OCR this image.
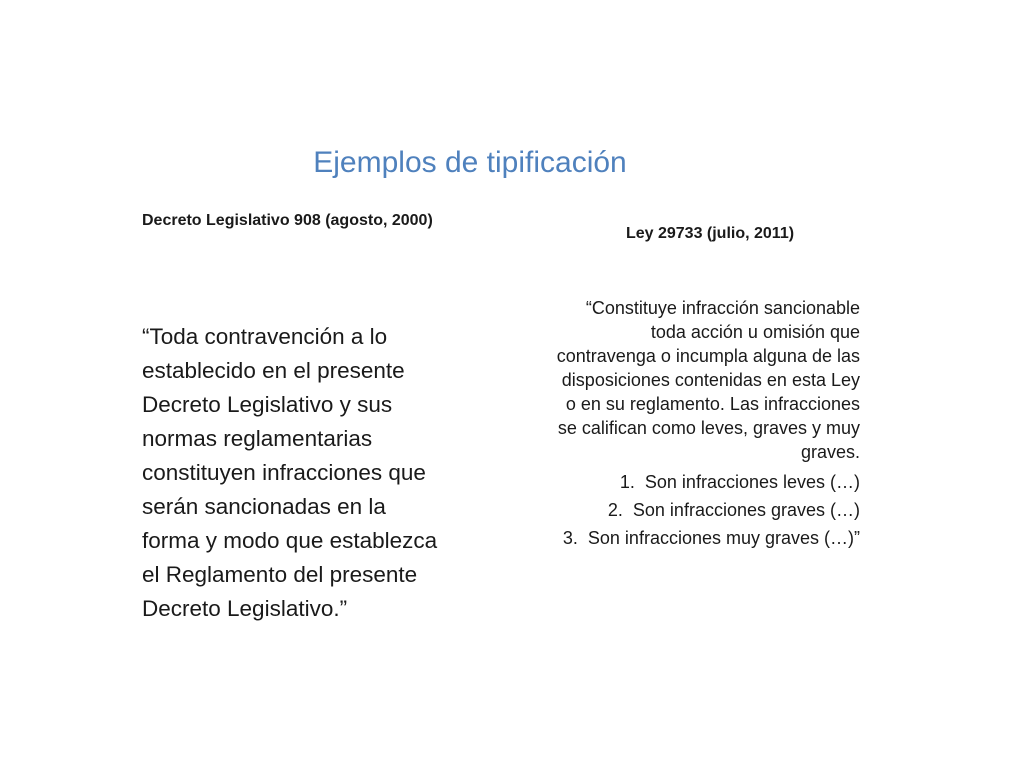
Ejemplos de tipificación
Decreto Legislativo 908 (agosto, 2000)
Ley 29733 (julio, 2011)
“Toda contravención a lo establecido en el presente Decreto Legislativo y sus normas reglamentarias constituyen infracciones que serán sancionadas en la forma y modo que establezca el Reglamento del presente Decreto Legislativo.”
“Constituye infracción sancionable toda acción u omisión que contravenga o incumpla alguna de las disposiciones contenidas en esta Ley o en su reglamento. Las infracciones se califican como leves, graves y muy graves.
1. Son infracciones leves (…)
2. Son infracciones graves (…)
3. Son infracciones muy graves (…)”
